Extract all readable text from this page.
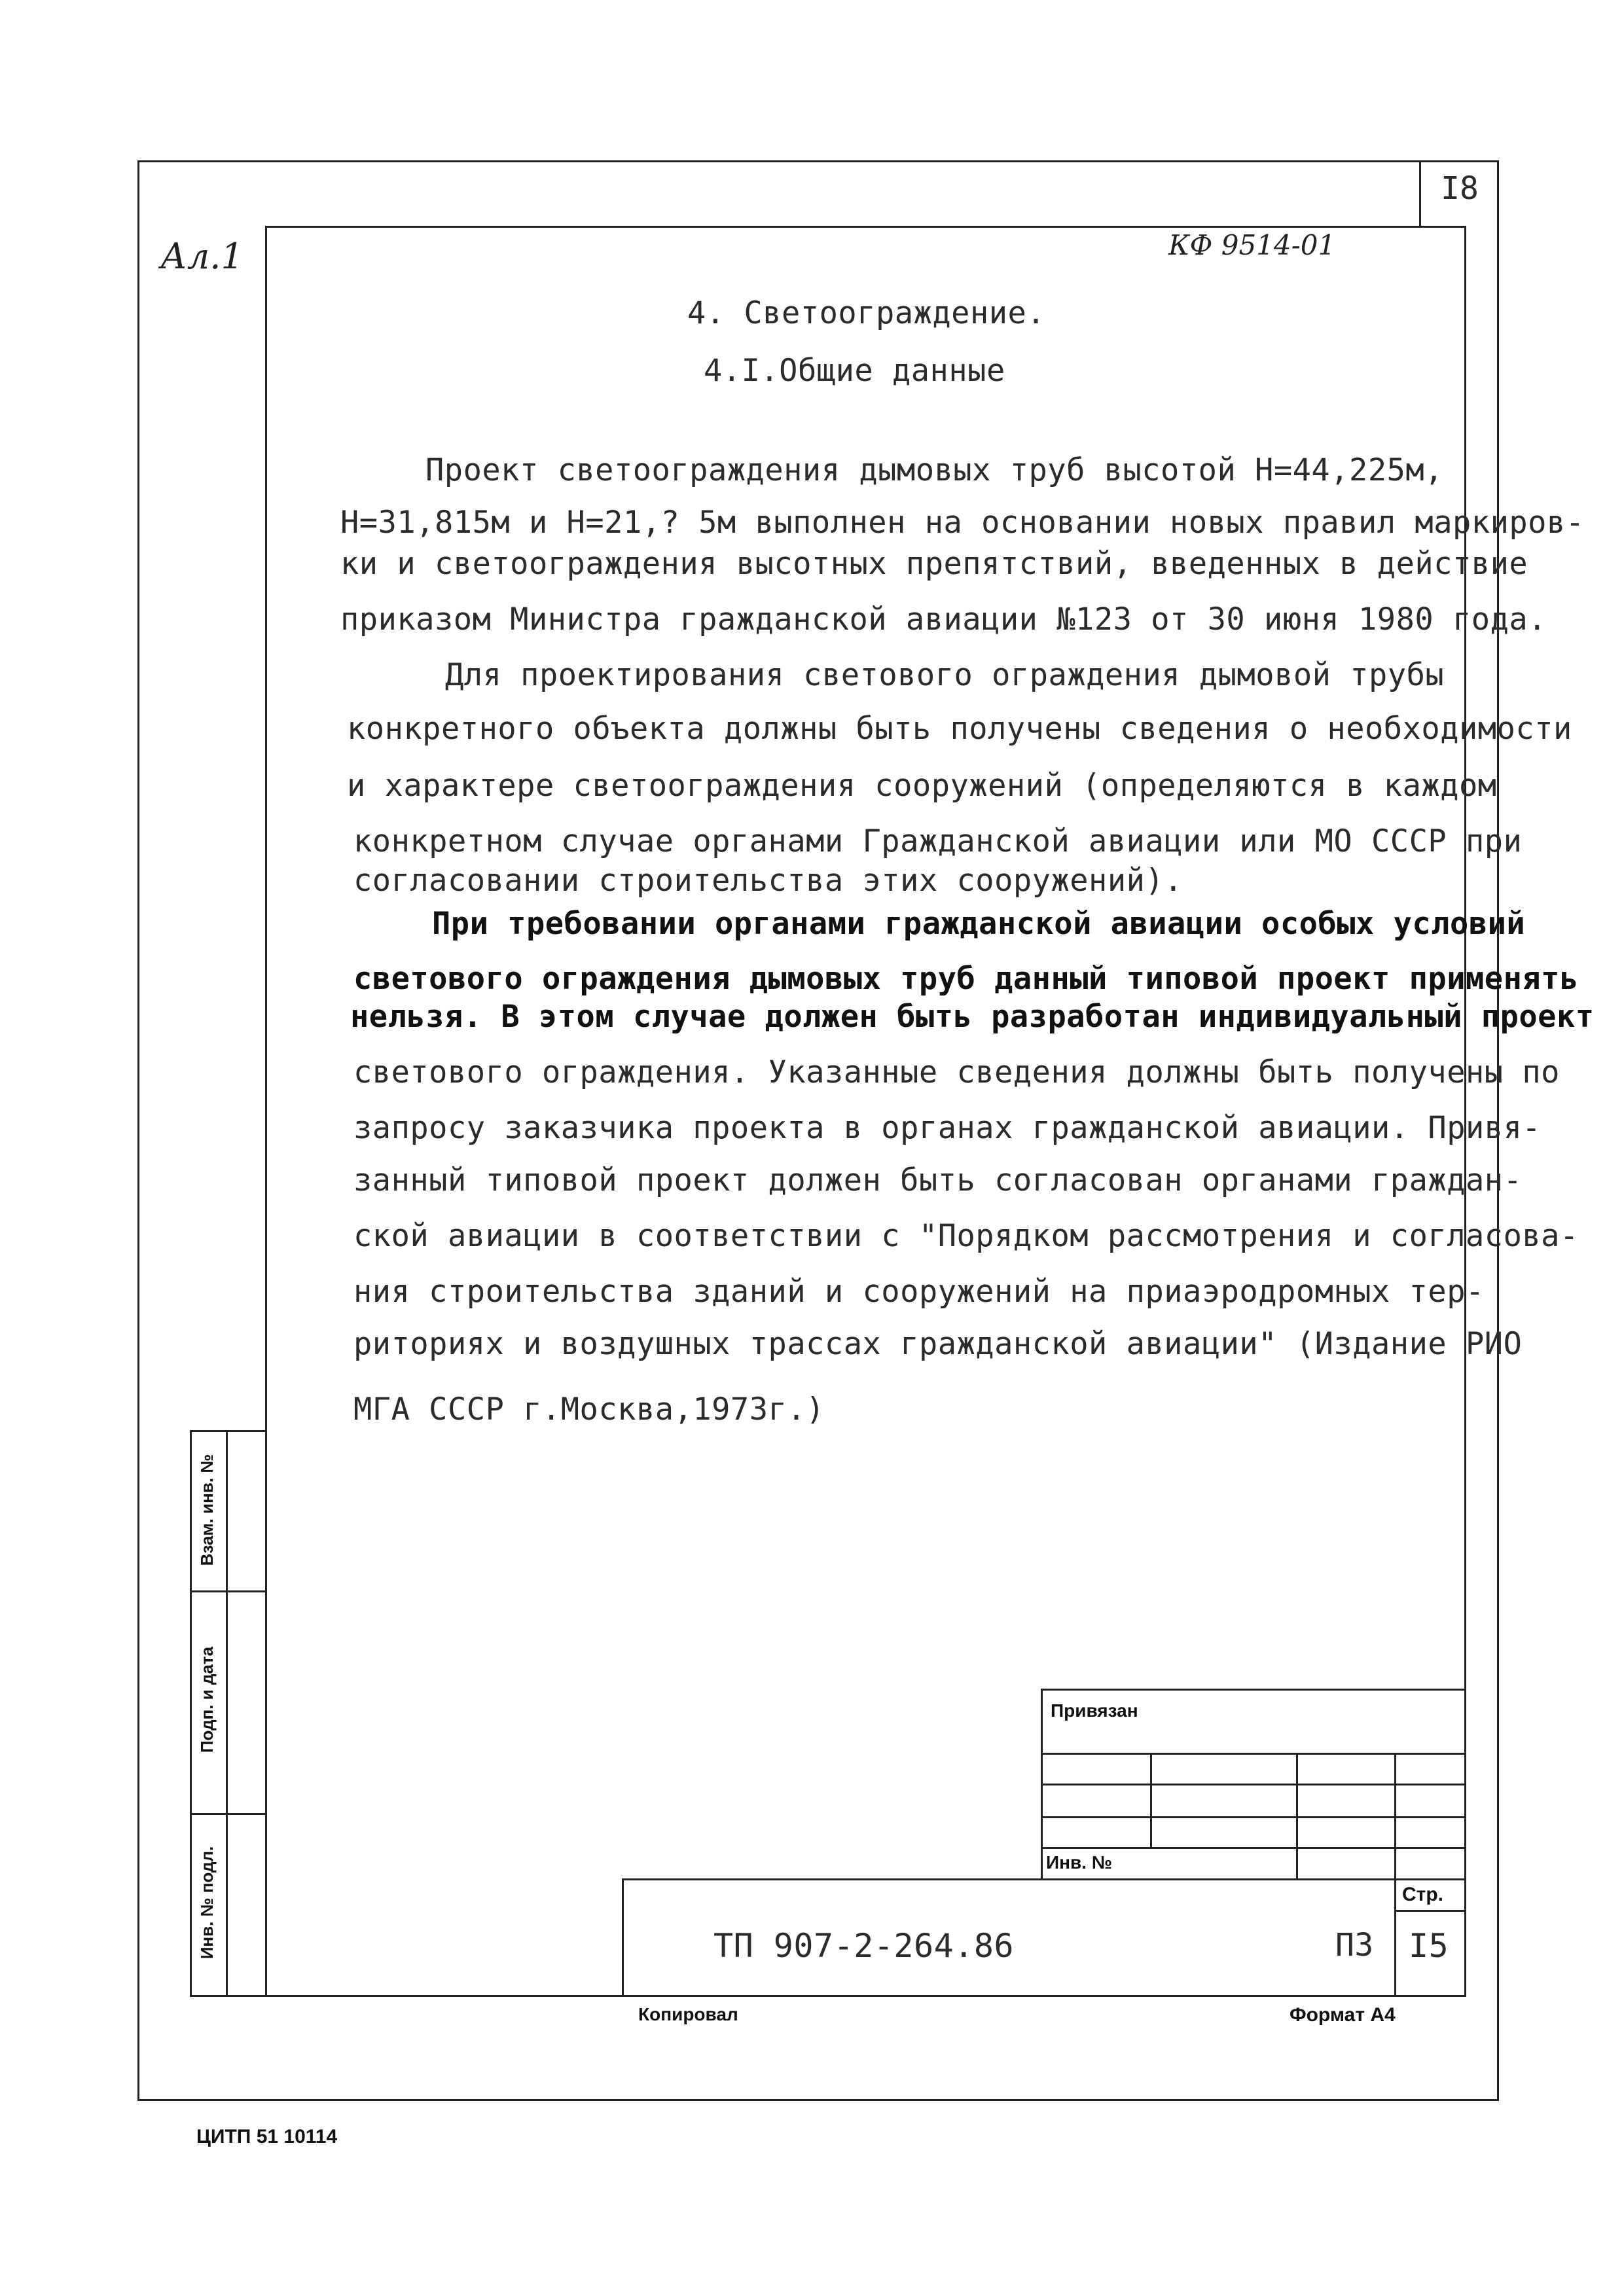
I8
Ал.1	КФ 9514-01
4. Светоограждение.
4.I.Общие данные
Проект светоограждения дымовых труб высотой Н=44,225м,
Н=31,815м и Н=21,? 5м выполнен на основании новых правил маркиров-
ки и светоограждения высотных препятствий, введенных в действие
приказом Министра гражданской авиации №123 от 30 июня 1980 года.
Для проектирования светового ограждения дымовой трубы
конкретного объекта должны быть получены сведения о необходимости
и характере светоограждения сооружений (определяются в каждом
конкретном случае органами Гражданской авиации или МО СССР при
согласовании строительства этих сооружений).
При требовании органами гражданской авиации особых условий
светового ограждения дымовых труб данный типовой проект применять
нельзя. В этом случае должен быть разработан индивидуальный проект
светового ограждения. Указанные сведения должны быть получены по
запросу заказчика проекта в органах гражданской авиации. Привя-
занный типовой проект должен быть согласован органами граждан-
ской авиации в соответствии с "Порядком рассмотрения и согласова-
ния строительства зданий и сооружений на приаэродромных тер-
риториях и воздушных трассах гражданской авиации" (Издание РИО
МГА СССР г.Москва,1973г.)
Взам. инв. №
Подп. и дата
Инв. № подл.
Привязан
Инв. №
Стр.
ТП 907-2-264.86	ПЗ I5
Копировал	Формат А4
ЦИТП 51 10114
